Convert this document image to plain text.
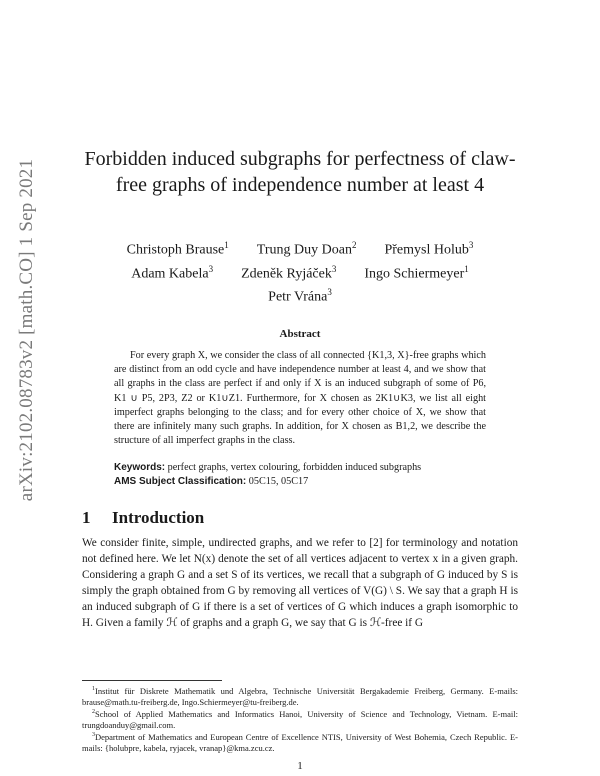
arXiv:2102.08783v2 [math.CO] 1 Sep 2021 Forbidden induced subgraphs for perfectness of claw-free graphs of independence number at least 4
Christoph Brause$^1$ Trung Duy Doan$^2$ Přemysl Holub$^3$
Adam Kabela$^3$ Zdeněk Ryjáček$^3$ Ingo Schiermeyer$^1$
Petr Vrána$^3$
Abstract
For every graph X, we consider the class of all connected {K1,3, X}-free graphs which are distinct from an odd cycle and have independence number at least 4, and we show that all graphs in the class are perfect if and only if X is an induced subgraph of some of P6, K1 ∪ P5, 2P3, Z2 or K1∪Z1. Furthermore, for X chosen as 2K1∪K3, we list all eight imperfect graphs belonging to the class; and for every other choice of X, we show that there are infinitely many such graphs. In addition, for X chosen as B1,2, we describe the structure of all imperfect graphs in the class.
Keywords: perfect graphs, vertex colouring, forbidden induced subgraphs
AMS Subject Classification: 05C15, 05C17
1 Introduction
We consider finite, simple, undirected graphs, and we refer to [2] for terminology and notation not defined here. We let N(x) denote the set of all vertices adjacent to vertex x in a given graph. Considering a graph G and a set S of its vertices, we recall that a subgraph of G induced by S is simply the graph obtained from G by removing all vertices of V(G) \ S. We say that a graph H is an induced subgraph of G if there is a set of vertices of G which induces a graph isomorphic to H. Given a family ℋ of graphs and a graph G, we say that G is ℋ-free if G
$^1$Institut für Diskrete Mathematik und Algebra, Technische Universität Bergakademie Freiberg, Germany. E-mails: brause@math.tu-freiberg.de, Ingo.Schiermeyer@tu-freiberg.de.
$^2$School of Applied Mathematics and Informatics Hanoi, University of Science and Technology, Vietnam. E-mail: trungdoanduy@gmail.com.
$^3$Department of Mathematics and European Centre of Excellence NTIS, University of West Bohemia, Czech Republic. E-mails: {holubpre, kabela, ryjacek, vranap}@kma.zcu.cz.
1
